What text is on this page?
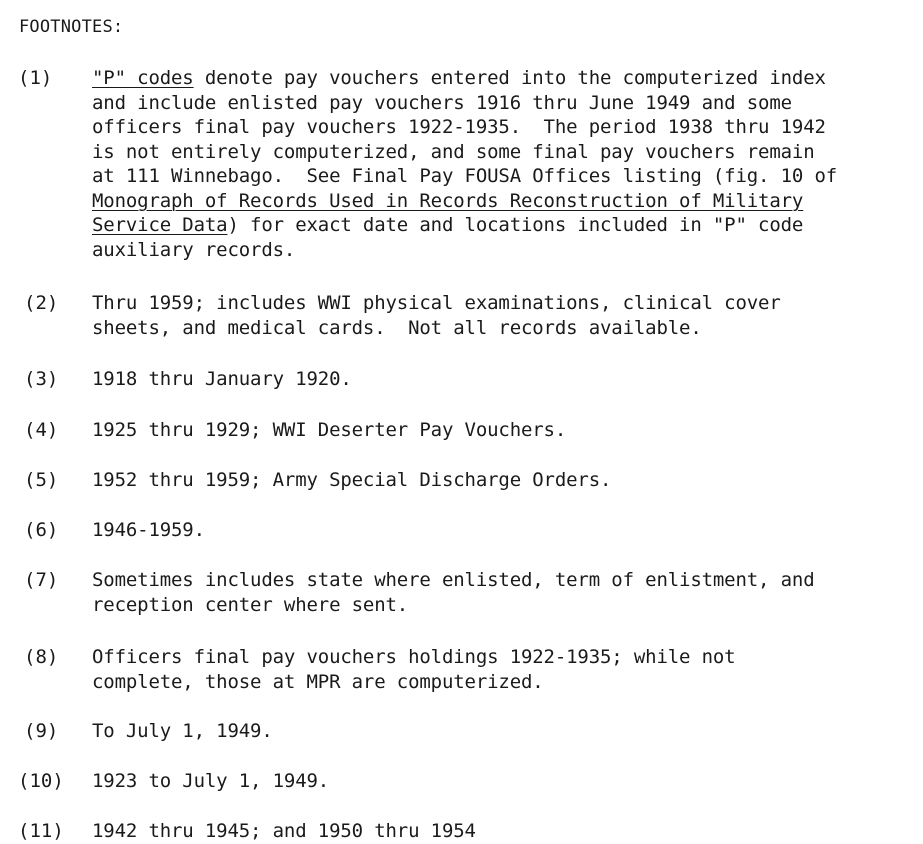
FOOTNOTES:
(1) "P" codes denote pay vouchers entered into the computerized index
and include enlisted pay vouchers 1916 thru June 1949 and some
officers final pay vouchers 1922-1935.  The period 1938 thru 1942
is not entirely computerized, and some final pay vouchers remain
at 111 Winnebago.  See Final Pay FOUSA Offices listing (fig. 10 of
Monograph of Records Used in Records Reconstruction of Military
Service Data) for exact date and locations included in "P" code
auxiliary records.
(2) Thru 1959; includes WWI physical examinations, clinical cover
sheets, and medical cards.  Not all records available.
(3) 1918 thru January 1920.
(4) 1925 thru 1929; WWI Deserter Pay Vouchers.
(5) 1952 thru 1959; Army Special Discharge Orders.
(6) 1946-1959.
(7) Sometimes includes state where enlisted, term of enlistment, and
reception center where sent.
(8) Officers final pay vouchers holdings 1922-1935; while not
complete, those at MPR are computerized.
(9) To July 1, 1949.
(10) 1923 to July 1, 1949.
(11) 1942 thru 1945; and 1950 thru 1954
